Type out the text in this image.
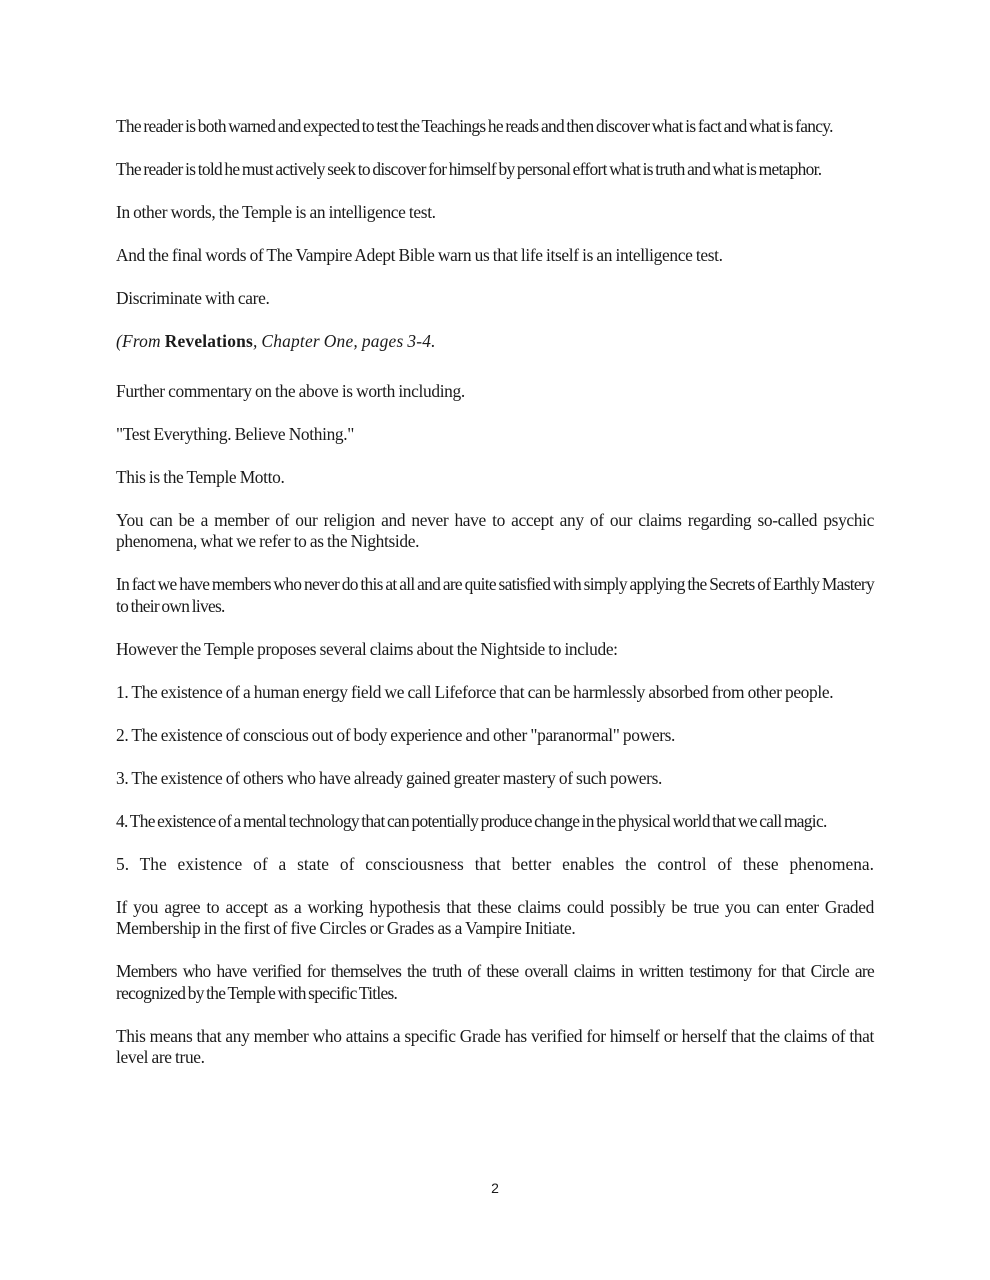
The reader is both warned and expected to test the Teachings he reads and then discover what is fact and what is fancy.

The reader is told he must actively seek to discover for himself by personal effort what is truth and what is metaphor.

In other words, the Temple is an intelligence test.

And the final words of The Vampire Adept Bible warn us that life itself is an intelligence test.

Discriminate with care.

(From Revelations, Chapter One, pages 3-4.

Further commentary on the above is worth including.

"Test Everything. Believe Nothing."

This is the Temple Motto.

You can be a member of our religion and never have to accept any of our claims regarding so-called psychic phenomena, what we refer to as the Nightside.

In fact we have members who never do this at all and are quite satisfied with simply applying the Secrets of Earthly Mastery to their own lives.

However the Temple proposes several claims about the Nightside to include:

1. The existence of a human energy field we call Lifeforce that can be harmlessly absorbed from other people.

2. The existence of conscious out of body experience and other "paranormal" powers.

3. The existence of others who have already gained greater mastery of such powers.

4. The existence of a mental technology that can potentially produce change in the physical world that we call magic.

5. The existence of a state of consciousness that better enables the control of these phenomena.

If you agree to accept as a working hypothesis that these claims could possibly be true you can enter Graded Membership in the first of five Circles or Grades as a Vampire Initiate.

Members who have verified for themselves the truth of these overall claims in written testimony for that Circle are recognized by the Temple with specific Titles.

This means that any member who attains a specific Grade has verified for himself or herself that the claims of that level are true.

2
